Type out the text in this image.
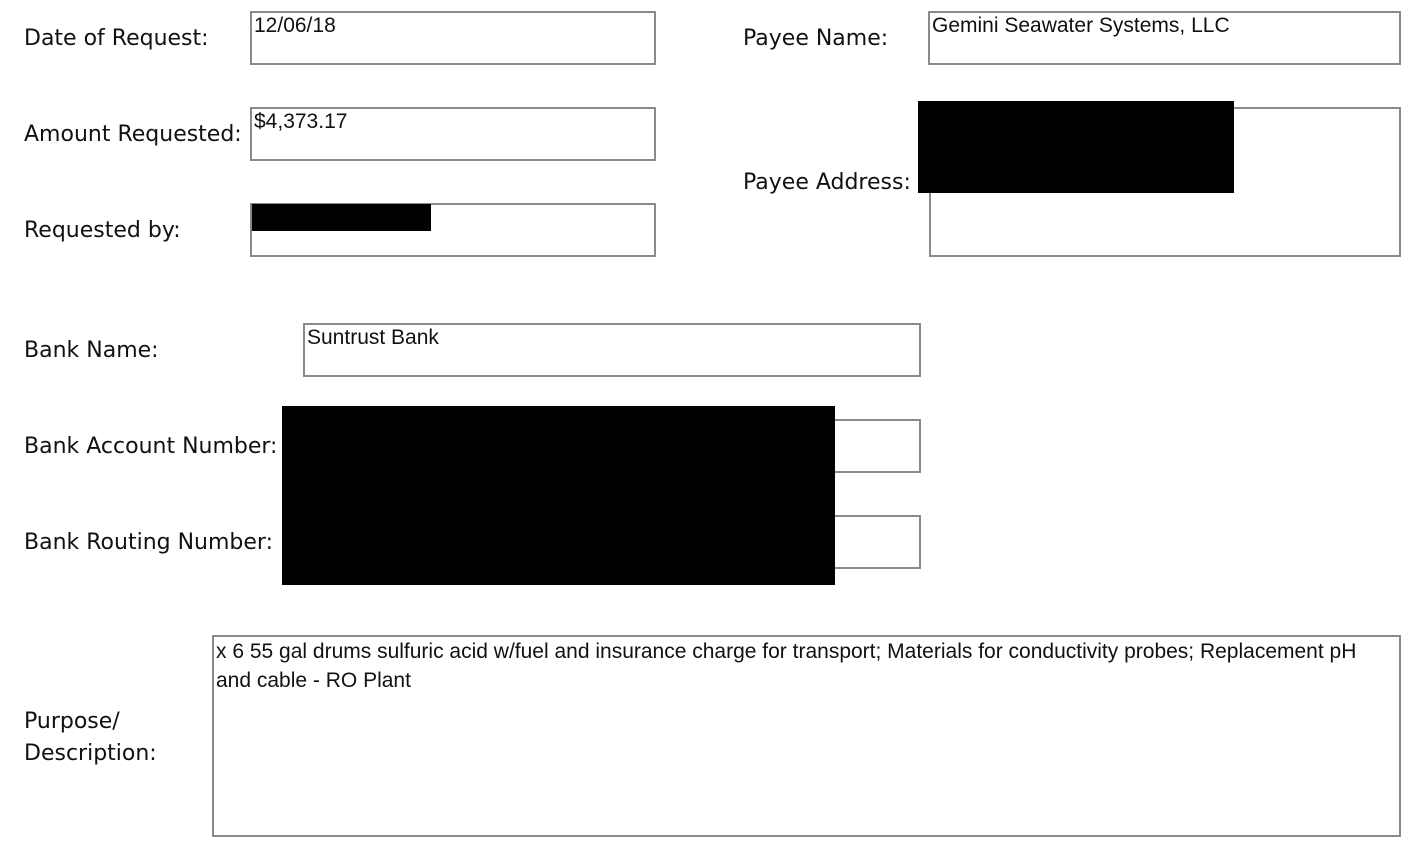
Date of Request:
12/06/18
Amount Requested:
$4,373.17
Requested by:
Payee Name:
Gemini Seawater Systems, LLC
Payee Address:
Bank Name:
Suntrust Bank
Bank Account Number:
Bank Routing Number:
Purpose/
Description:
x 6 55 gal drums sulfuric acid w/fuel and insurance charge for transport; Materials for conductivity probes; Replacement pH and cable - RO Plant
